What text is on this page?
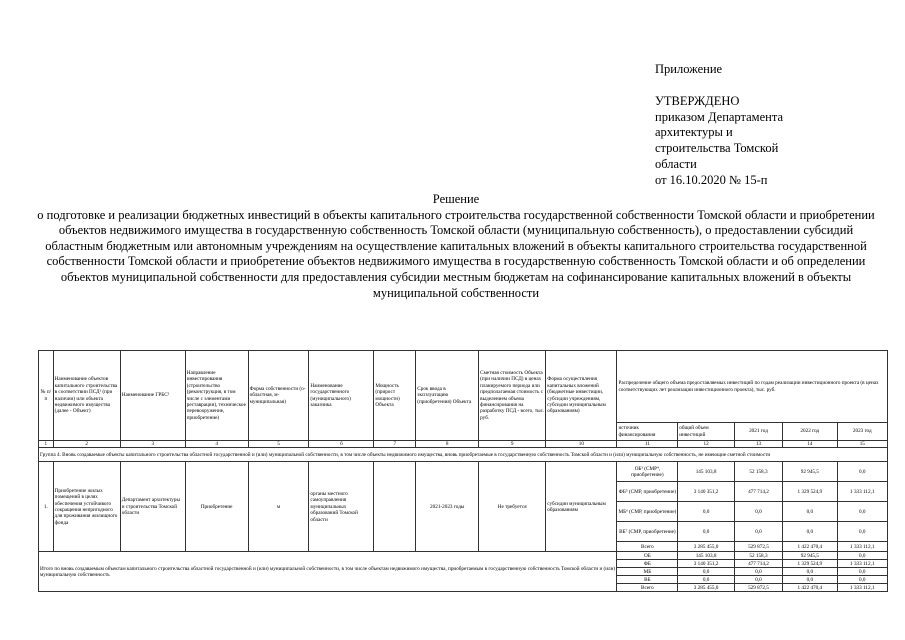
Приложение
УТВЕРЖДЕНО
приказом Департамента
архитектуры и
строительства Томской
области
от 16.10.2020 № 15-п
Решение
о подготовке и реализации бюджетных инвестиций в объекты капитального строительства государственной собственности Томской области и приобретении объектов недвижимого имущества в государственную собственность Томской области (муниципальную собственность), о предоставлении субсидий областным бюджетным или автономным учреждениям на осуществление капитальных вложений в объекты капитального строительства государственной собственности Томской области и приобретение объектов недвижимого имущества в государственную собственность Томской области и об определении объектов муниципальной собственности для предоставления субсидии местным бюджетам на софинансирование капитальных вложений в объекты муниципальной собственности
№ п/п	Наименование объектов капитального строительства в соответствии ПСД¹ (при наличии) или объекта недвижимого имущества (далее - Объект)	Наименование ГРБС²	Направление инвестирования (строительство (реконструкция, в том числе с элементами реставрации), техническое перевооружение, приобретение)	Форма собственности (о-областная, м-муниципальная)	Наименование государственного (муниципального) заказчика	Мощность (прирост мощности) Объекта	Срок ввода в эксплуатацию (приобретения) Объекта	Сметная стоимость Объекта (при наличии ПСД) в ценах планируемого периода или предполагаемая стоимость с выделением объема финансирования на разработку ПСД - всего, тыс. руб.	Форма осуществления капитальных вложений (бюджетные инвестиции, субсидии учреждениям, субсидии муниципальным образованиям)	Распределение общего объема предоставляемых инвестиций по годам реализации инвестиционного проекта (в ценах соответствующих лет реализации инвестиционного проекта), тыс. руб.				
										источник финансирования	общий объем инвестиций	2021 год	2022 год	2023 год
1	2	3	4	5	6	7	8	9	10	11	12	13	14	15
Группа 4. Вновь создаваемые объекты капитального строительства областной государственной и (или) муниципальной собственности, в том числе объекты недвижимого имущества, вновь приобретаемые в государственную собственность Томской области и (или) муниципальную собственность, не имеющие сметной стоимости														
1.	Приобретение жилых помещений в целях обеспечения устойчивого сокращения непригодного для проживания жилищного фонда	Департамент архитектуры и строительства Томской области	Приобретение	м	органы местного самоуправления муниципальных образований Томской области		2021-2023 годы	Не требуется	субсидии муниципальным образованиям	ОБ³ (СМР⁴, приобретение)	145 103,8	52 158,3	92 945,5	0,0
										ФБ⁵ (СМР, приобретение)	3 140 351,2	477 714,2	1 329 524,9	1 333 112,1
										МБ⁶ (СМР, приобретение)	0,0	0,0	0,0	0,0
										ВБ⁷ (СМР, приобретение)	0,0	0,0	0,0	0,0
										Всего	3 285 455,0	529 872,5	1 422 470,4	1 333 112,1
Итого по вновь создаваемым объектам капитального строительства областной государственной и (или) муниципальной собственности, в том числе объектам недвижимого имущества, приобретаемым в государственную собственность Томской области и (или) муниципальную собственность										ОБ	145 103,8	52 158,3	92 945,5	0,0
										ФБ	3 140 351,2	477 714,2	1 329 524,9	1 333 112,1
										МБ	0,0	0,0	0,0	0,0
										ВБ	0,0	0,0	0,0	0,0
										Всего	3 285 455,0	529 872,5	1 422 470,4	1 333 112,1
